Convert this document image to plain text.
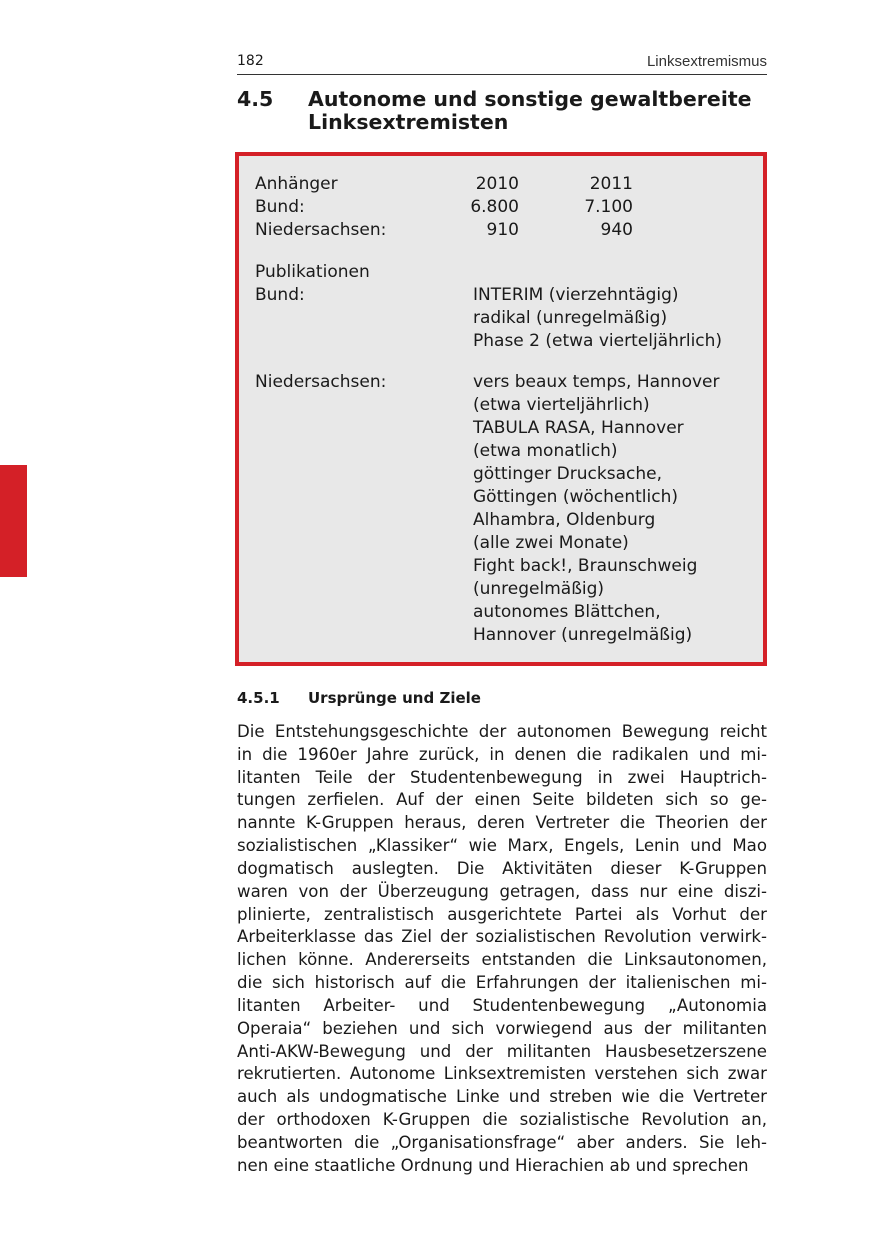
182	Linksextremismus
4.5 Autonome und sonstige gewaltbereite
Linksextremisten
Anhänger	2010	2011
Bund:	6.800	7.100
Niedersachsen:	910	940
Publikationen
Bund:	INTERIM (vierzehntägig)
radikal (unregelmäßig)
Phase 2 (etwa vierteljährlich)
Niedersachsen:	vers beaux temps, Hannover
(etwa vierteljährlich)
TABULA RASA, Hannover
(etwa monatlich)
göttinger Drucksache,
Göttingen (wöchentlich)
Alhambra, Oldenburg
(alle zwei Monate)
Fight back!, Braunschweig
(unregelmäßig)
autonomes Blättchen,
Hannover (unregelmäßig)
4.5.1 Ursprünge und Ziele
Die Entstehungsgeschichte der autonomen Bewegung reicht
in die 1960er Jahre zurück, in denen die radikalen und mi-
litanten Teile der Studentenbewegung in zwei Hauptrich-
tungen zerfielen. Auf der einen Seite bildeten sich so ge-
nannte K-Gruppen heraus, deren Vertreter die Theorien der
sozialistischen „Klassiker“ wie Marx, Engels, Lenin und Mao
dogmatisch auslegten. Die Aktivitäten dieser K-Gruppen
waren von der Überzeugung getragen, dass nur eine diszi-
plinierte, zentralistisch ausgerichtete Partei als Vorhut der
Arbeiterklasse das Ziel der sozialistischen Revolution verwirk-
lichen könne. Andererseits entstanden die Linksautonomen,
die sich historisch auf die Erfahrungen der italienischen mi-
litanten Arbeiter- und Studentenbewegung „Autonomia
Operaia“ beziehen und sich vorwiegend aus der militanten
Anti-AKW-Bewegung und der militanten Hausbesetzerszene
rekrutierten. Autonome Linksextremisten verstehen sich zwar
auch als undogmatische Linke und streben wie die Vertreter
der orthodoxen K-Gruppen die sozialistische Revolution an,
beantworten die „Organisationsfrage“ aber anders. Sie leh-
nen eine staatliche Ordnung und Hierachien ab und sprechen
